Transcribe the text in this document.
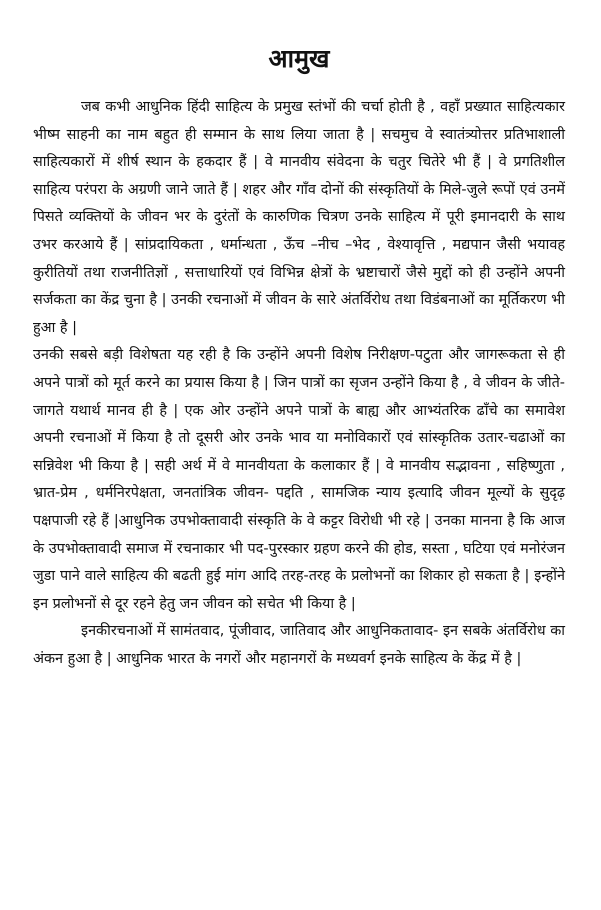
आमुख

जब कभी आधुनिक हिंदी साहित्य के प्रमुख स्तंभों की चर्चा होती है , वहाँ प्रख्यात साहित्यकार भीष्म साहनी का नाम बहुत ही सम्मान के साथ लिया जाता है | सचमुच वे स्वातंत्र्योत्तर प्रतिभाशाली साहित्यकारों में शीर्ष स्थान के हकदार हैं | वे मानवीय संवेदना के चतुर चितेरे भी हैं | वे प्रगतिशील साहित्य परंपरा के अग्रणी जाने जाते हैं | शहर और गाँव दोनों की संस्कृतियों के मिले-जुले रूपों एवं उनमें पिसते व्यक्तियों के जीवन भर के दुरंतों के कारुणिक चित्रण उनके साहित्य में पूरी इमानदारी के साथ उभर करआये हैं | सांप्रदायिकता , धर्मान्धता , ऊँच –नीच –भेद , वेश्यावृत्ति , मद्यपान जैसी भयावह कुरीतियों तथा राजनीतिज्ञों , सत्ताधारियों एवं विभिन्न क्षेत्रों के भ्रष्टाचारों जैसे मुद्दों को ही उन्होंने अपनी सर्जकता का केंद्र चुना है | उनकी रचनाओं में जीवन के सारे अंतर्विरोध तथा विडंबनाओं का मूर्तिकरण भी हुआ है |

उनकी सबसे बड़ी विशेषता यह रही है कि उन्होंने अपनी विशेष निरीक्षण-पटुता और जागरूकता से ही अपने पात्रों को मूर्त करने का प्रयास किया है | जिन पात्रों का सृजन उन्होंने किया है , वे जीवन के जीते-जागते यथार्थ मानव ही है | एक ओर उन्होंने अपने पात्रों के बाह्य और आभ्यंतरिक ढाँचे का समावेश अपनी रचनाओं में किया है तो दूसरी ओर उनके भाव या मनोविकारों एवं सांस्कृतिक उतार-चढाओं का सन्निवेश भी किया है | सही अर्थ में वे मानवीयता के कलाकार हैं | वे मानवीय सद्भावना , सहिष्णुता , भ्रात-प्रेम , धर्मनिरपेक्षता, जनतांत्रिक जीवन- पद्दति , सामजिक न्याय इत्यादि जीवन मूल्यों के सुदृढ़ पक्षपाजी रहे हैं |आधुनिक उपभोक्तावादी संस्कृति के वे कट्टर विरोधी भी रहे | उनका मानना है कि आज के उपभोक्तावादी समाज में रचनाकार भी पद-पुरस्कार ग्रहण करने की होड, सस्ता , घटिया एवं मनोरंजन जुडा पाने वाले साहित्य की बढती हुई मांग आदि तरह-तरह के प्रलोभनों का शिकार हो सकता है | इन्होंने इन प्रलोभनों से दूर रहने हेतु जन जीवन को सचेत भी किया है |

इनकीरचनाओं में सामंतवाद, पूंजीवाद, जातिवाद और आधुनिकतावाद- इन सबके अंतर्विरोध का अंकन हुआ है | आधुनिक भारत के नगरों और महानगरों के मध्यवर्ग इनके साहित्य के केंद्र में है |
